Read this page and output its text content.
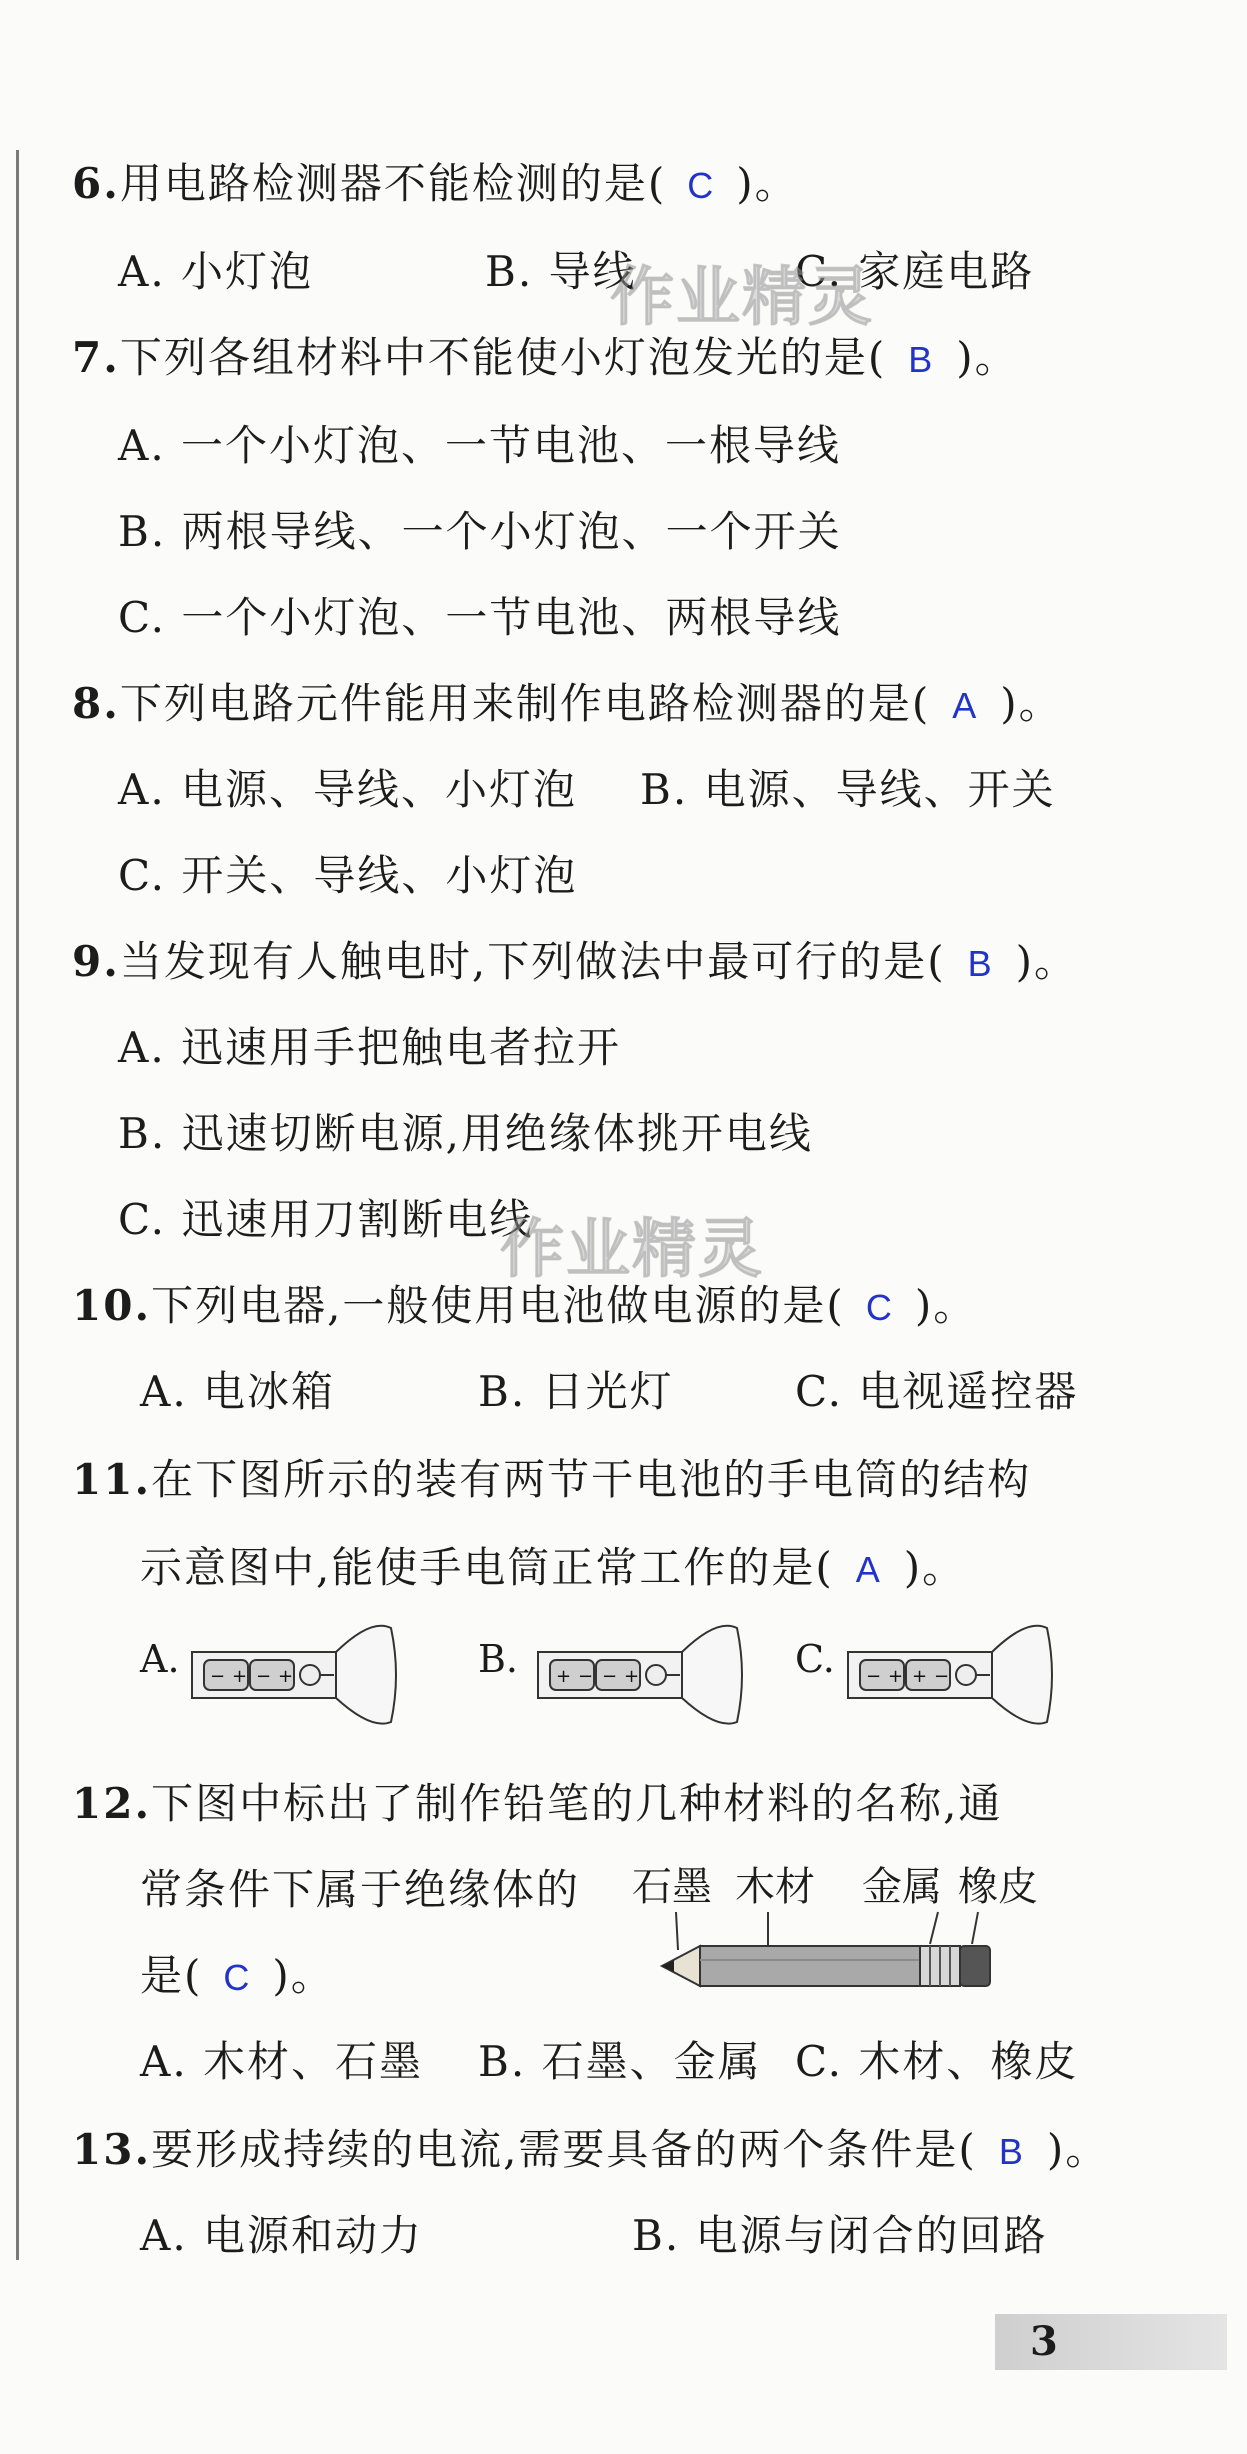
6.用电路检测器不能检测的是( C )。
A. 小灯泡	B. 导线	C. 家庭电路
7.下列各组材料中不能使小灯泡发光的是( B )。
A. 一个小灯泡、一节电池、一根导线
B. 两根导线、一个小灯泡、一个开关
C. 一个小灯泡、一节电池、两根导线
8.下列电路元件能用来制作电路检测器的是( A )。
A. 电源、导线、小灯泡 B. 电源、导线、开关
C. 开关、导线、小灯泡
9.当发现有人触电时,下列做法中最可行的是( B )。
A. 迅速用手把触电者拉开
B. 迅速切断电源,用绝缘体挑开电线
C. 迅速用刀割断电线
10.下列电器,一般使用电池做电源的是( C )。
A. 电冰箱	B. 日光灯	C. 电视遥控器
11.在下图所示的装有两节干电池的手电筒的结构
示意图中,能使手电筒正常工作的是( A )。
A.	B.	C.
− + − +	+ − − +	− + + −
12.下图中标出了制作铅笔的几种材料的名称,通
常条件下属于绝缘体的
是( C )。
石墨 木材 金属 橡皮
A. 木材、石墨 B. 石墨、金属 C. 木材、橡皮
13.要形成持续的电流,需要具备的两个条件是( B )。
A. 电源和动力	B. 电源与闭合的回路
作业精灵
作业精灵
3
